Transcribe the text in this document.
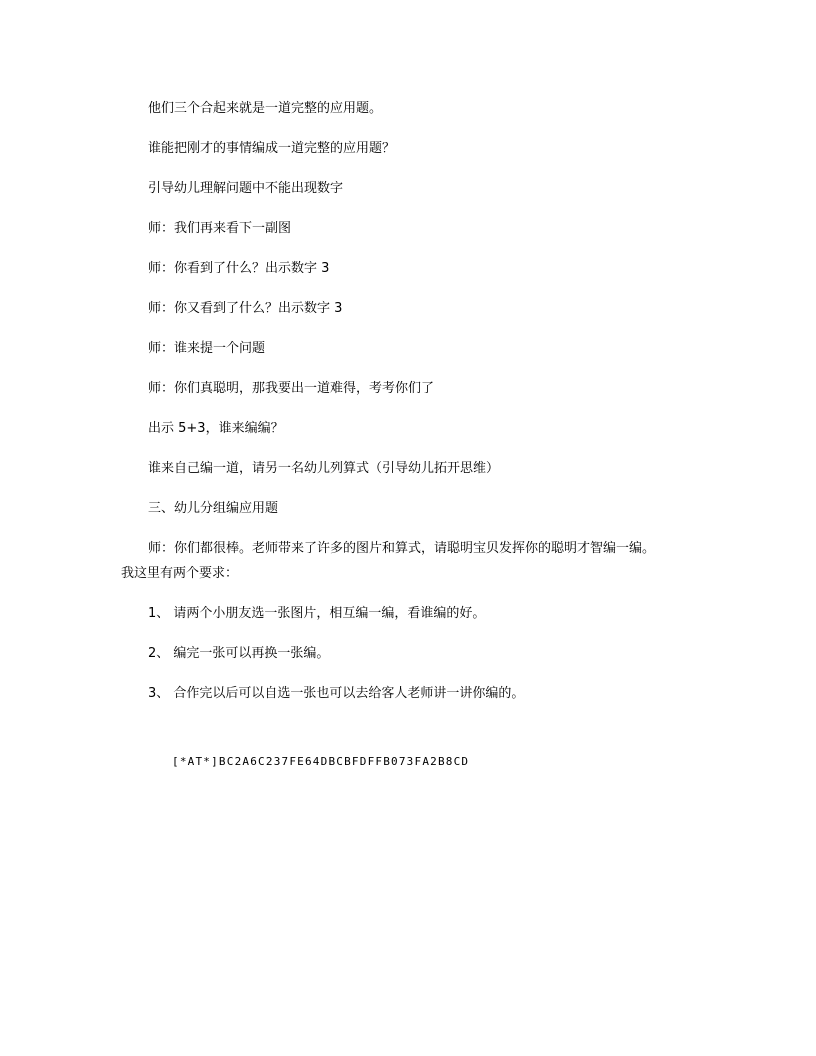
他们三个合起来就是一道完整的应用题。
谁能把刚才的事情编成一道完整的应用题？
引导幼儿理解问题中不能出现数字
师：我们再来看下一副图
师：你看到了什么？出示数字 3
师：你又看到了什么？出示数字 3
师：谁来提一个问题
师：你们真聪明，那我要出一道难得，考考你们了
出示 5+3，谁来编编？
谁来自己编一道，请另一名幼儿列算式（引导幼儿拓开思维）
三、幼儿分组编应用题
师：你们都很棒。老师带来了许多的图片和算式，请聪明宝贝发挥你的聪明才智编一编。
我这里有两个要求：
1、 请两个小朋友选一张图片，相互编一编，看谁编的好。
2、 编完一张可以再换一张编。
3、 合作完以后可以自选一张也可以去给客人老师讲一讲你编的。
[*AT*]BC2A6C237FE64DBCBFDFFB073FA2B8CD
